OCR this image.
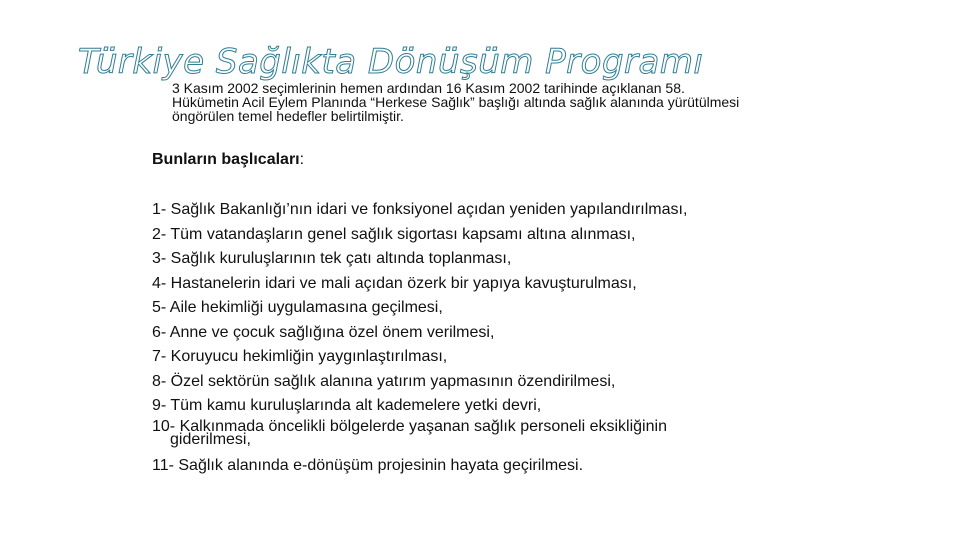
Türkiye Sağlıkta Dönüşüm Programı
3 Kasım 2002 seçimlerinin hemen ardından 16 Kasım 2002 tarihinde açıklanan 58.
Hükümetin Acil Eylem Planında “Herkese Sağlık” başlığı altında sağlık alanında yürütülmesi
öngörülen temel hedefler belirtilmiştir.
Bunların başlıcaları:
1- Sağlık Bakanlığı’nın idari ve fonksiyonel açıdan yeniden yapılandırılması,
2- Tüm vatandaşların genel sağlık sigortası kapsamı altına alınması,
3- Sağlık kuruluşlarının tek çatı altında toplanması,
4- Hastanelerin idari ve mali açıdan özerk bir yapıya kavuşturulması,
5- Aile hekimliği uygulamasına geçilmesi,
6- Anne ve çocuk sağlığına özel önem verilmesi,
7- Koruyucu hekimliğin yaygınlaştırılması,
8- Özel sektörün sağlık alanına yatırım yapmasının özendirilmesi,
9- Tüm kamu kuruluşlarında alt kademelere yetki devri,
10- Kalkınmada öncelikli bölgelerde yaşanan sağlık personeli eksikliğinin
giderilmesi,
11- Sağlık alanında e-dönüşüm projesinin hayata geçirilmesi.
